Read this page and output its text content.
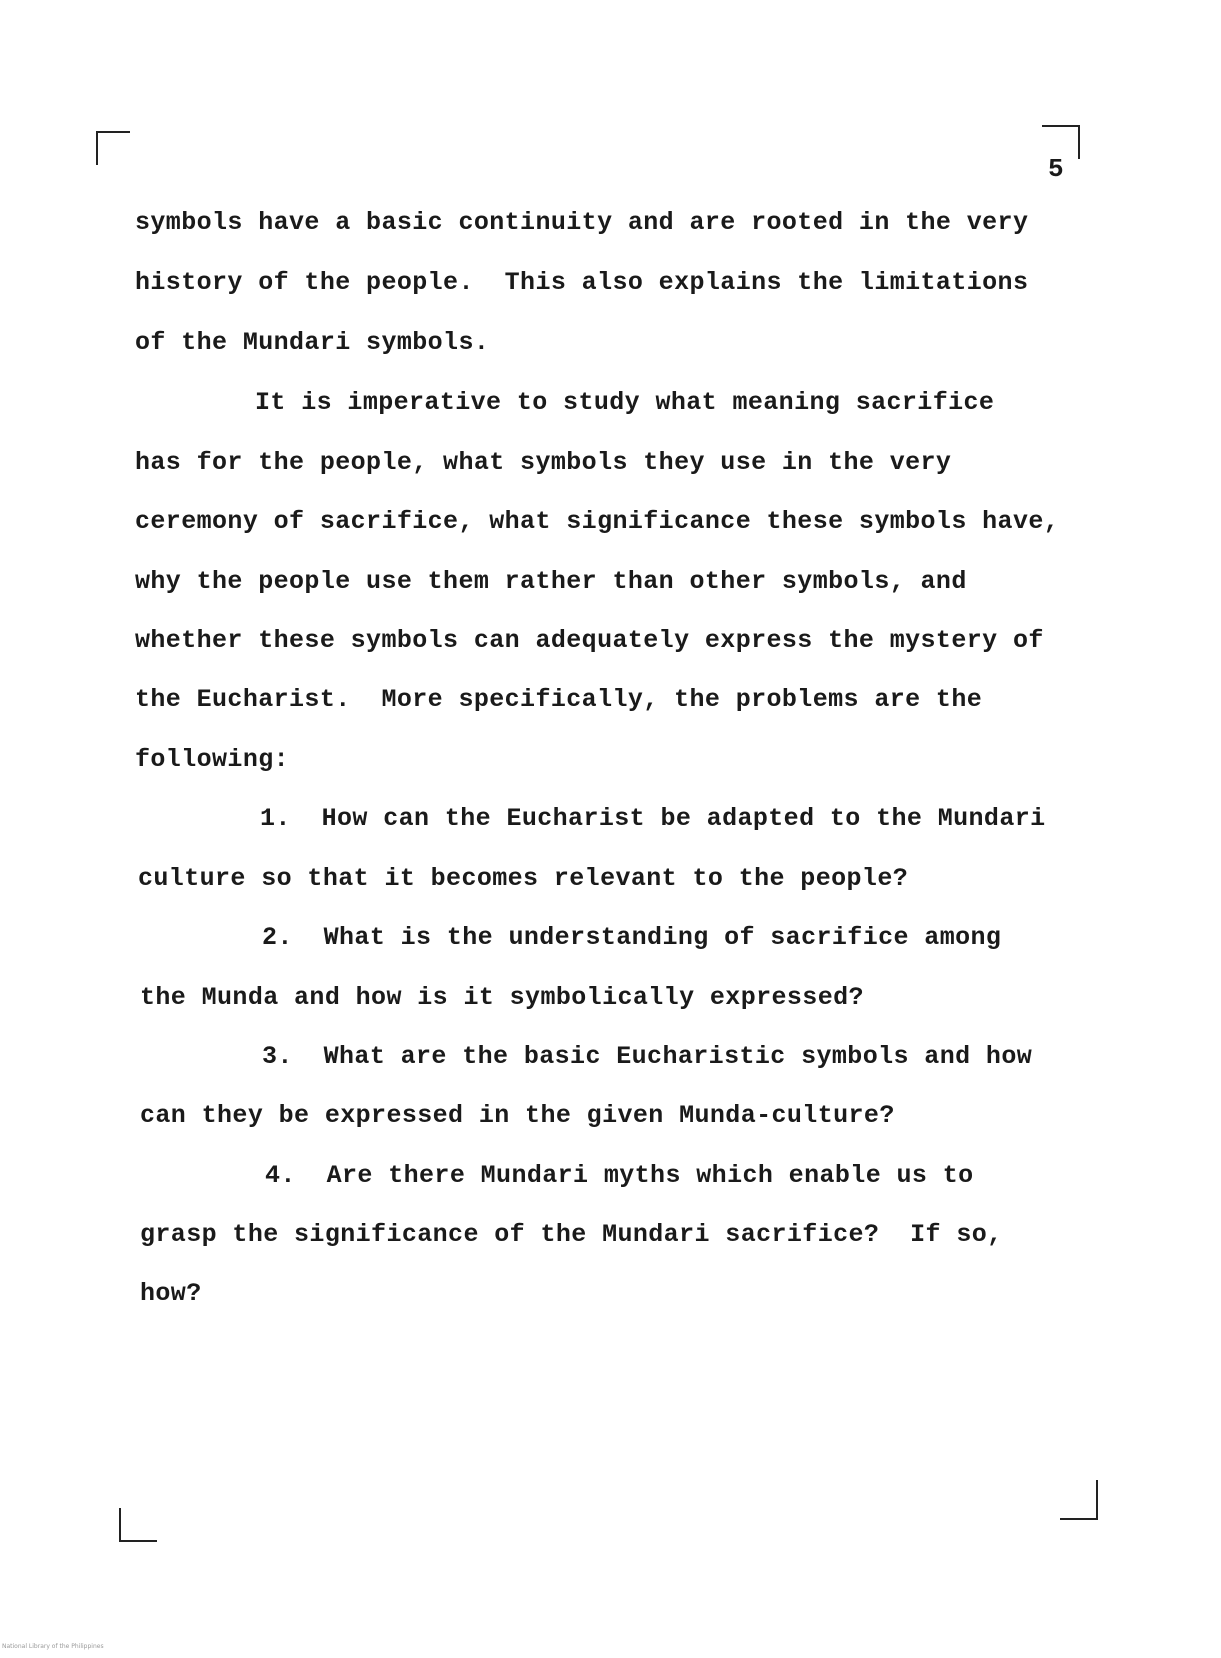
5
symbols have a basic continuity and are rooted in the very
history of the people.  This also explains the limitations
of the Mundari symbols.
It is imperative to study what meaning sacrifice
has for the people, what symbols they use in the very
ceremony of sacrifice, what significance these symbols have,
why the people use them rather than other symbols, and
whether these symbols can adequately express the mystery of
the Eucharist.  More specifically, the problems are the
following:
1.  How can the Eucharist be adapted to the Mundari
culture so that it becomes relevant to the people?
2.  What is the understanding of sacrifice among
the Munda and how is it symbolically expressed?
3.  What are the basic Eucharistic symbols and how
can they be expressed in the given Munda-culture?
4.  Are there Mundari myths which enable us to
grasp the significance of the Mundari sacrifice?  If so,
how?
National Library of the Philippines
